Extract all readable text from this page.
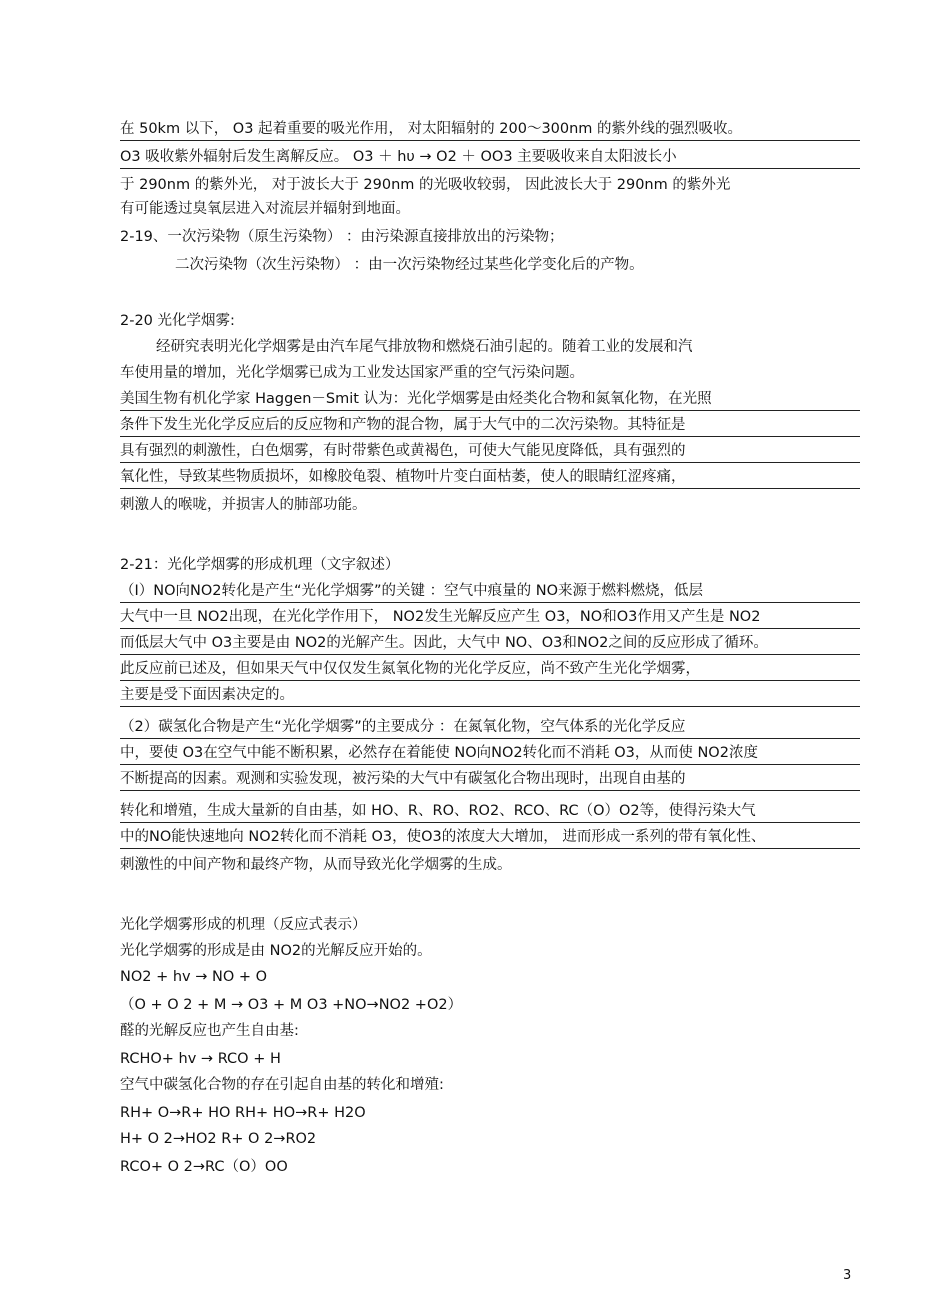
在 50km 以下， O3 起着重要的吸光作用， 对太阳辐射的 200～300nm 的紫外线的强烈吸收。
O3 吸收紫外辐射后发生离解反应。 O3 ＋ hυ → O2 ＋ OO3 主要吸收来自太阳波长小
于 290nm 的紫外光， 对于波长大于 290nm 的光吸收较弱， 因此波长大于 290nm 的紫外光
有可能透过臭氧层进入对流层并辐射到地面。
2-19、一次污染物（原生污染物） ：由污染源直接排放出的污染物；
二次污染物（次生污染物） ：由一次污染物经过某些化学变化后的产物。
2-20 光化学烟雾:
经研究表明光化学烟雾是由汽车尾气排放物和燃烧石油引起的。随着工业的发展和汽
车使用量的增加，光化学烟雾已成为工业发达国家严重的空气污染问题。
美国生物有机化学家 Haggen－Smit 认为：光化学烟雾是由烃类化合物和氮氧化物，在光照
条件下发生光化学反应后的反应物和产物的混合物，属于大气中的二次污染物。其特征是
具有强烈的刺激性，白色烟雾，有时带紫色或黄褐色，可使大气能见度降低，具有强烈的
氧化性，导致某些物质损坏，如橡胶龟裂、植物叶片变白面枯萎，使人的眼睛红涩疼痛，
刺激人的喉咙，并损害人的肺部功能。
2-21：光化学烟雾的形成机理（文字叙述）
（I）NO向NO2转化是产生“光化学烟雾”的关键 ：空气中痕量的 NO来源于燃料燃烧，低层
大气中一旦 NO2出现，在光化学作用下， NO2发生光解反应产生 O3，NO和O3作用又产生是 NO2
而低层大气中 O3主要是由 NO2的光解产生。因此，大气中 NO、O3和NO2之间的反应形成了循环。
此反应前已述及，但如果天气中仅仅发生氮氧化物的光化学反应，尚不致产生光化学烟雾，
主要是受下面因素决定的。
（2）碳氢化合物是产生“光化学烟雾”的主要成分 ：在氮氧化物，空气体系的光化学反应
中，要使 O3在空气中能不断积累，必然存在着能使 NO向NO2转化而不消耗 O3，从而使 NO2浓度
不断提高的因素。观测和实验发现，被污染的大气中有碳氢化合物出现时，出现自由基的
转化和增殖，生成大量新的自由基，如 HO、R、RO、RO2、RCO、RC（O）O2等，使得污染大气
中的NO能快速地向 NO2转化而不消耗 O3，使O3的浓度大大增加， 进而形成一系列的带有氧化性、
刺激性的中间产物和最终产物，从而导致光化学烟雾的生成。
光化学烟雾形成的机理（反应式表示）
光化学烟雾的形成是由 NO2的光解反应开始的。
NO2 + hv → NO + O
（O + O 2 + M → O3 + M O3 +NO→NO2 +O2）
醛的光解反应也产生自由基:
RCHO+ hv → RCO + H
空气中碳氢化合物的存在引起自由基的转化和增殖:
RH+ O→R+ HO RH+ HO→R+ H2O
H+ O 2→HO2 R+ O 2→RO2
RCO+ O 2→RC（O）OO
3
